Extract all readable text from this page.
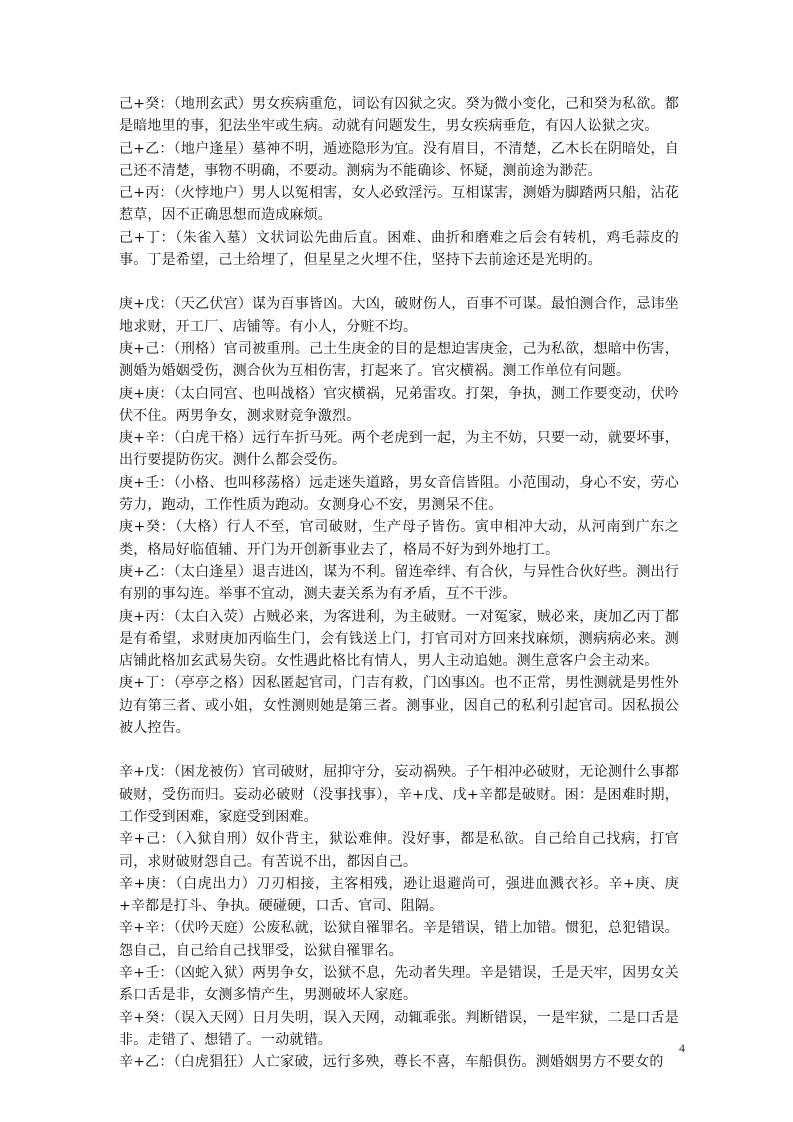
己+癸：（地刑玄武）男女疾病重危，词讼有囚狱之灾。癸为微小变化，己和癸为私欲。都是暗地里的事，犯法坐牢或生病。动就有问题发生，男女疾病垂危，有囚人讼狱之灾。

己+乙：（地户逢星）墓神不明，遁迹隐形为宜。没有眉目，不清楚，乙木长在阴暗处，自己还不清楚，事物不明确，不要动。测病为不能确诊、怀疑，测前途为渺茫。

己+丙：（火悖地户）男人以冤相害，女人必致淫污。互相谋害，测婚为脚踏两只船，沾花惹草，因不正确思想而造成麻烦。

己+丁：（朱雀入墓）文状词讼先曲后直。困难、曲折和磨难之后会有转机，鸡毛蒜皮的事。丁是希望，己土给埋了，但星星之火埋不住，坚持下去前途还是光明的。

庚+戊：（天乙伏宫）谋为百事皆凶。大凶，破财伤人，百事不可谋。最怕测合作，忌讳坐地求财，开工厂、店铺等。有小人，分赃不均。

庚+己：（刑格）官司被重刑。己土生庚金的目的是想迫害庚金，己为私欲，想暗中伤害，测婚为婚姻受伤，测合伙为互相伤害，打起来了。官灾横祸。测工作单位有问题。

庚+庚：（太白同宫、也叫战格）官灾横祸，兄弟雷攻。打架，争执，测工作要变动，伏吟伏不住。两男争女，测求财竞争激烈。

庚+辛：（白虎干格）远行车折马死。两个老虎到一起，为主不妨，只要一动，就要坏事，出行要提防伤灾。测什么都会受伤。

庚+壬：（小格、也叫移荡格）远走迷失道路，男女音信皆阻。小范围动，身心不安，劳心劳力，跑动，工作性质为跑动。女测身心不安，男测呆不住。

庚+癸：（大格）行人不至，官司破财，生产母子皆伤。寅申相冲大动，从河南到广东之类，格局好临值辅、开门为开创新事业去了，格局不好为到外地打工。

庚+乙：（太白逢星）退吉进凶，谋为不利。留连牵绊、有合伙，与异性合伙好些。测出行有别的事勾连。举事不宜动，测夫妻关系为有矛盾，互不干涉。

庚+丙：（太白入荧）占贼必来，为客进利，为主破财。一对冤家，贼必来，庚加乙丙丁都是有希望，求财庚加丙临生门，会有钱送上门，打官司对方回来找麻烦，测病病必来。测店铺此格加玄武易失窃。女性遇此格比有情人，男人主动追她。测生意客户会主动来。

庚+丁：（亭亭之格）因私匿起官司，门吉有救，门凶事凶。也不正常，男性测就是男性外边有第三者、或小姐，女性测则她是第三者。测事业，因自己的私利引起官司。因私损公被人控告。

辛+戊：（困龙被伤）官司破财，屈抑守分，妄动祸殃。子午相冲必破财，无论测什么事都破财，受伤而归。妄动必破财（没事找事），辛+戊、戊+辛都是破财。困：是困难时期，工作受到困难，家庭受到困难。

辛+己：（入狱自刑）奴仆背主，狱讼难伸。没好事，都是私欲。自己给自己找病，打官司，求财破财怨自己。有苦说不出，都因自己。

辛+庚：（白虎出力）刀刃相接，主客相残，逊让退避尚可，强进血溅衣衫。辛+庚、庚+辛都是打斗、争执。硬碰硬，口舌、官司、阻隔。

辛+辛：（伏吟天庭）公废私就，讼狱自罹罪名。辛是错误，错上加错。惯犯，总犯错误。怨自己，自己给自己找罪受，讼狱自罹罪名。

辛+壬：（凶蛇入狱）两男争女，讼狱不息，先动者失理。辛是错误，壬是天牢，因男女关系口舌是非，女测多情产生，男测破坏人家庭。

辛+癸：（误入天网）日月失明，误入天网，动辄乖张。判断错误，一是牢狱，二是口舌是非。走错了、想错了。一动就错。

辛+乙：（白虎猖狂）人亡家破，远行多殃，尊长不喜，车船俱伤。测婚姻男方不要女的

4
